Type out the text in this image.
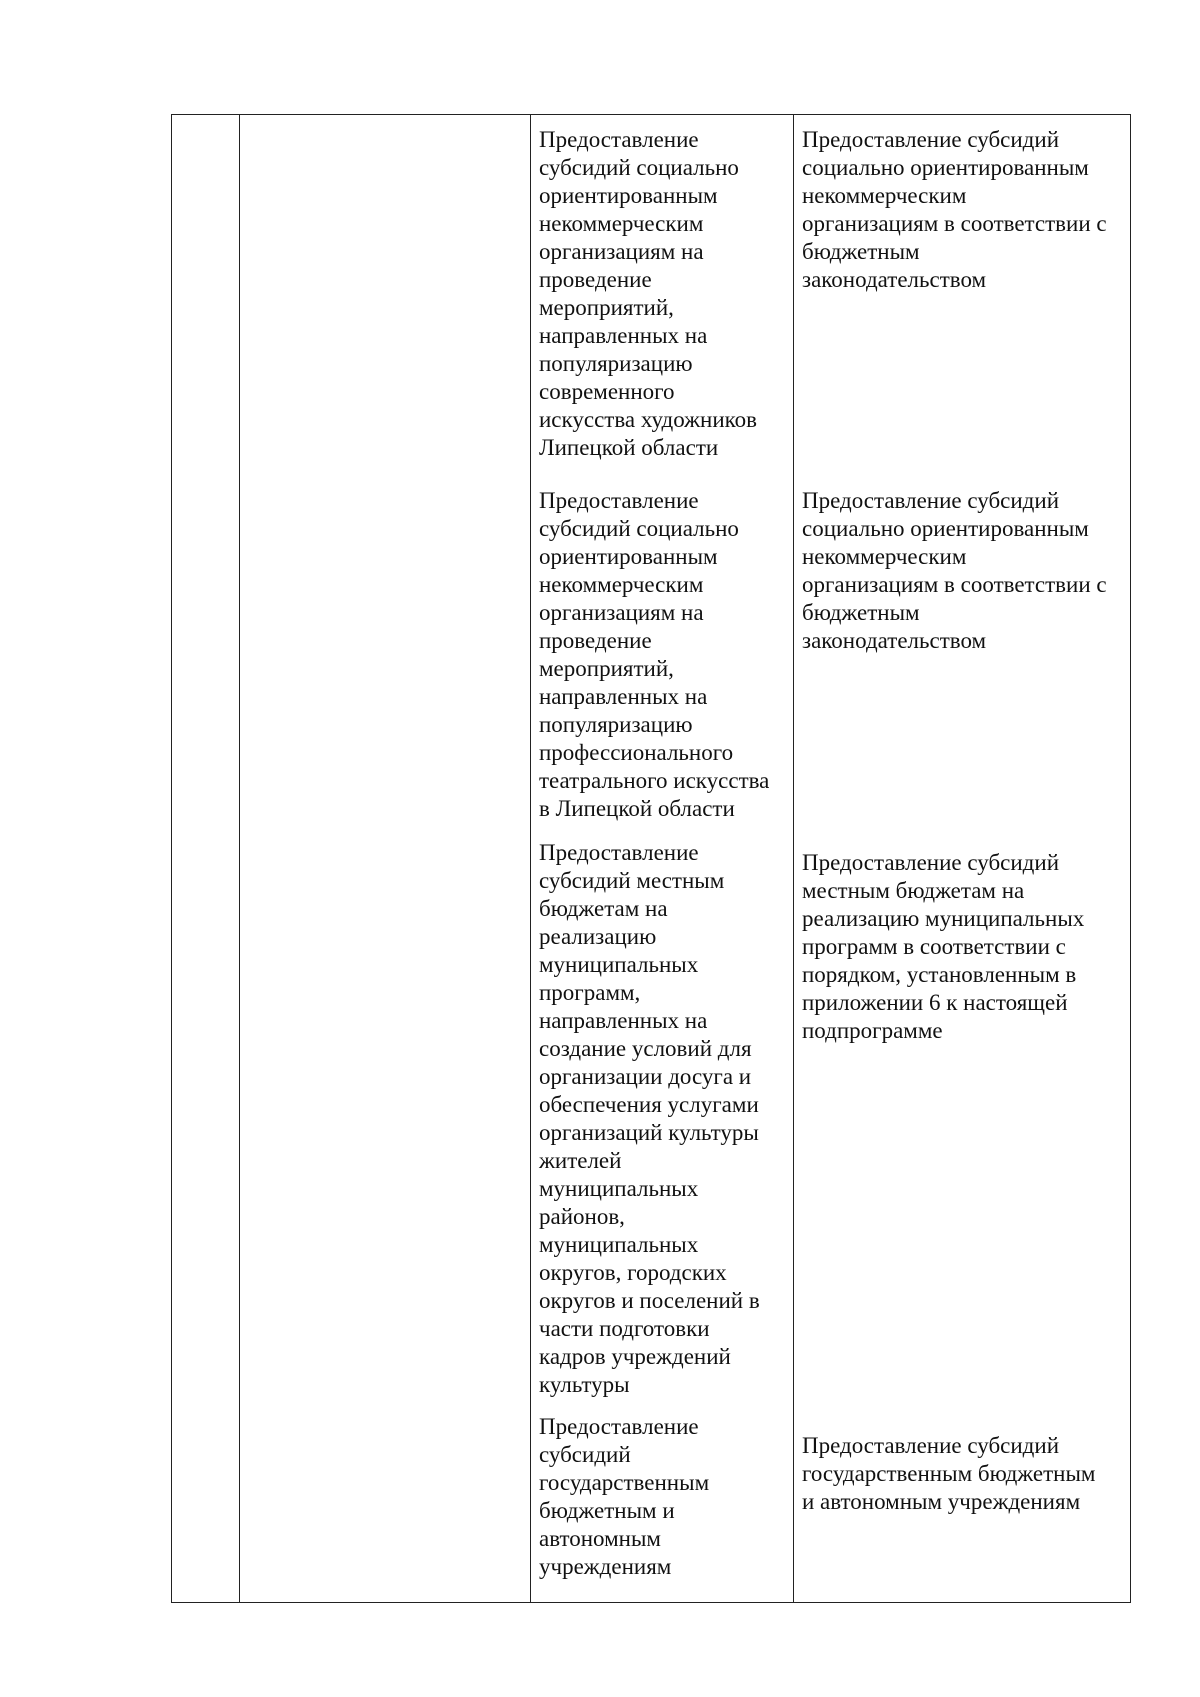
Предоставление
субсидий социально
ориентированным
некоммерческим
организациям на
проведение
мероприятий,
направленных на
популяризацию
современного
искусства художников
Липецкой области

Предоставление субсидий
социально ориентированным
некоммерческим
организациям в соответствии с
бюджетным
законодательством

Предоставление
субсидий социально
ориентированным
некоммерческим
организациям на
проведение
мероприятий,
направленных на
популяризацию
профессионального
театрального искусства
в Липецкой области

Предоставление субсидий
социально ориентированным
некоммерческим
организациям в соответствии с
бюджетным
законодательством

Предоставление
субсидий местным
бюджетам на
реализацию
муниципальных
программ,
направленных на
создание условий для
организации досуга и
обеспечения услугами
организаций культуры
жителей
муниципальных
районов,
муниципальных
округов, городских
округов и поселений в
части подготовки
кадров учреждений
культуры

Предоставление субсидий
местным бюджетам на
реализацию муниципальных
программ в соответствии с
порядком, установленным в
приложении 6 к настоящей
подпрограмме

Предоставление
субсидий
государственным
бюджетным и
автономным
учреждениям

Предоставление субсидий
государственным бюджетным
и автономным учреждениям
